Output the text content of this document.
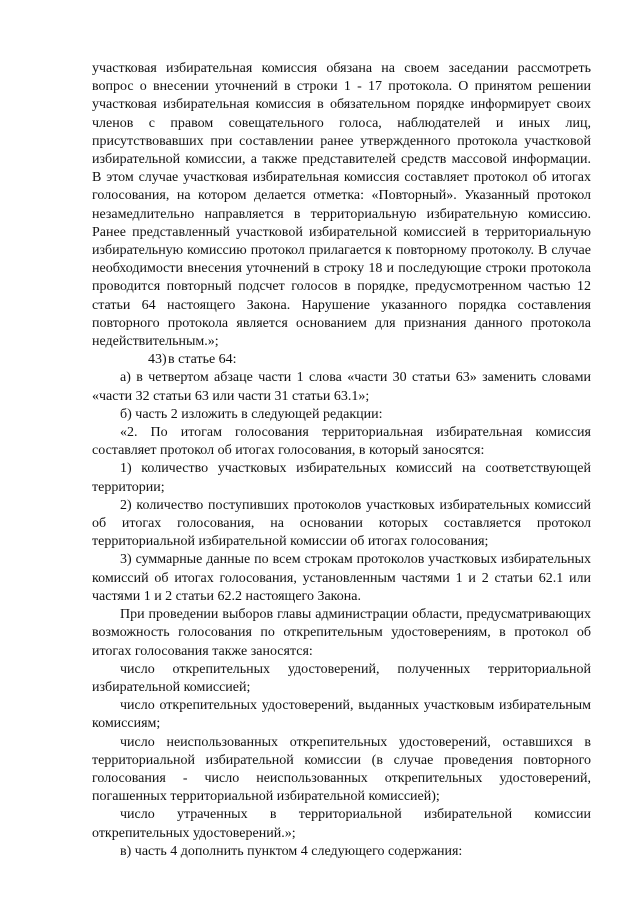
участковая избирательная комиссия обязана на своем заседании рассмотреть вопрос о внесении уточнений в строки 1 - 17 протокола. О принятом решении участковая избирательная комиссия в обязательном порядке информирует своих членов с правом совещательного голоса, наблюдателей и иных лиц, присутствовавших при составлении ранее утвержденного протокола участковой избирательной комиссии, а также представителей средств массовой информации. В этом случае участковая избирательная комиссия составляет протокол об итогах голосования, на котором делается отметка: «Повторный». Указанный протокол незамедлительно направляется в территориальную избирательную комиссию. Ранее представленный участковой избирательной комиссией в территориальную избирательную комиссию протокол прилагается к повторному протоколу. В случае необходимости внесения уточнений в строку 18 и последующие строки протокола проводится повторный подсчет голосов в порядке, предусмотренном частью 12 статьи 64 настоящего Закона. Нарушение указанного порядка составления повторного протокола является основанием для признания данного протокола недействительным.»;

43)в статье 64:

а) в четвертом абзаце части 1 слова «части 30 статьи 63» заменить словами «части 32 статьи 63 или части 31 статьи 63.1»;

б) часть 2 изложить в следующей редакции:

«2. По итогам голосования территориальная избирательная комиссия составляет протокол об итогах голосования, в который заносятся:

1) количество участковых избирательных комиссий на соответствующей территории;

2) количество поступивших протоколов участковых избирательных комиссий об итогах голосования, на основании которых составляется протокол территориальной избирательной комиссии об итогах голосования;

3) суммарные данные по всем строкам протоколов участковых избирательных комиссий об итогах голосования, установленным частями 1 и 2 статьи 62.1 или частями 1 и 2 статьи 62.2 настоящего Закона.

При проведении выборов главы администрации области, предусматривающих возможность голосования по открепительным удостоверениям, в протокол об итогах голосования также заносятся:

число открепительных удостоверений, полученных территориальной избирательной комиссией;

число открепительных удостоверений, выданных участковым избирательным комиссиям;

число неиспользованных открепительных удостоверений, оставшихся в территориальной избирательной комиссии (в случае проведения повторного голосования - число неиспользованных открепительных удостоверений, погашенных территориальной избирательной комиссией);

число утраченных в территориальной избирательной комиссии открепительных удостоверений.»;

в) часть 4 дополнить пунктом 4 следующего содержания:
